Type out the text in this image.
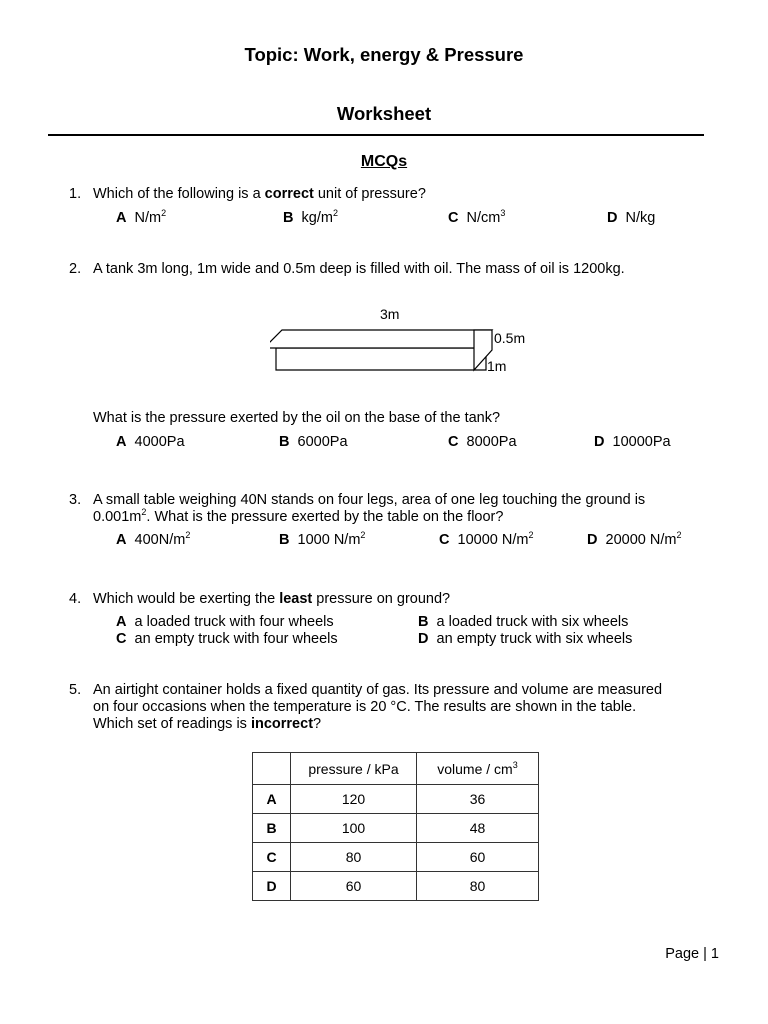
Topic: Work, energy & Pressure
Worksheet
MCQs
1. Which of the following is a correct unit of pressure?
A $N/m^2$	B $kg/m^2$	C $N/cm^3$	D N/kg
2. A tank 3m long, 1m wide and 0.5m deep is filled with oil. The mass of oil is 1200kg.
3m
0.5m
1m
What is the pressure exerted by the oil on the base of the tank?
A 4000Pa	B 6000Pa	C 8000Pa	D 10000Pa
3. A small table weighing 40N stands on four legs, area of one leg touching the ground is
$0.001m^2$. What is the pressure exerted by the table on the floor?
A $400N/m^2$	B 1000 $N/m^2$	C 10000 $N/m^2$	D 20000 $N/m^2$
4. Which would be exerting the least pressure on ground?
A a loaded truck with four wheels	B a loaded truck with six wheels
C an empty truck with four wheels	D an empty truck with six wheels
5. An airtight container holds a fixed quantity of gas. Its pressure and volume are measured
on four occasions when the temperature is 20 °C. The results are shown in the table.
Which set of readings is incorrect?
	pressure / kPa	volume / $cm^3$
A	120	36
B	100	48
C	80	60
D	60	80
Page | 1
